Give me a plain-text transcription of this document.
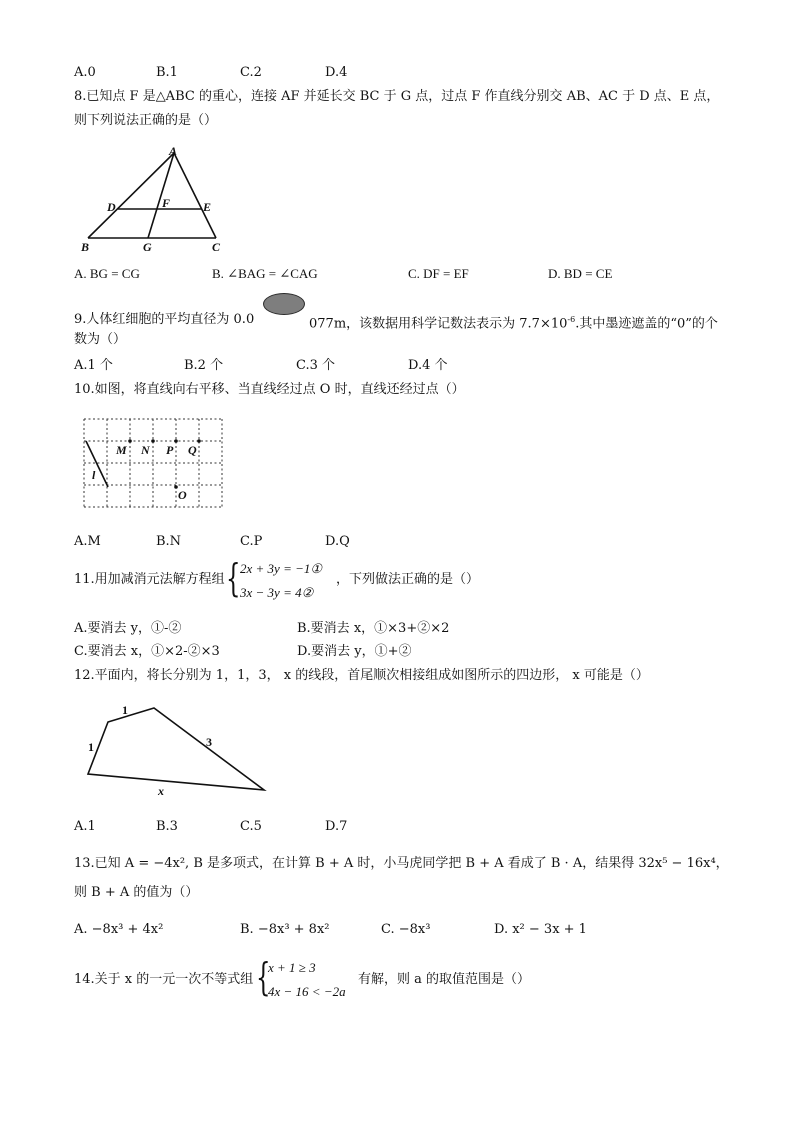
A.0	B.1	C.2	D.4
8.已知点 F 是△ABC 的重心，连接 AF 并延长交 BC 于 G 点，过点 F 作直线分别交 AB、AC 于 D 点、E 点，
则下列说法正确的是（）
A
D	F	E
B	G	C
A. BG = CG	B. ∠BAG = ∠CAG	C. DF = EF	D. BD = CE
9.人体红细胞的平均直径为 0.0	077m，该数据用科学记数法表示为 $7.7\times 10^{-6}$.其中墨迹遮盖的“0”的个
数为（）
A.1 个	B.2 个	C.3 个	D.4 个
10.如图，将直线向右平移、当直线经过点 O 时，直线还经过点（）
M N P Q
l
O
A.M	B.N	C.P	D.Q
11.用加减消元法解方程组 { 2x + 3y = −1①
3x − 3y = 4②
，下列做法正确的是（）
A.要消去 y，①-②	B.要消去 x，①×3+②×2
C.要消去 x，①×2-②×3	D.要消去 y，①+②
12.平面内，将长分别为 1，1，3， x 的线段，首尾顺次相接组成如图所示的四边形， x 可能是（）
1
1	3
x
A.1	B.3	C.5	D.7
13.已知 A = −4x², B 是多项式，在计算 B + A 时，小马虎同学把 B + A 看成了 B · A，结果得 32x⁵ − 16x⁴，
则 B + A 的值为（）
A. −8x³ + 4x²	B. −8x³ + 8x²	C. −8x³	D. x² − 3x + 1
14.关于 x 的一元一次不等式组 {
x + 1 ≥ 3
4x − 16 < −2a
有解，则 a 的取值范围是（）
